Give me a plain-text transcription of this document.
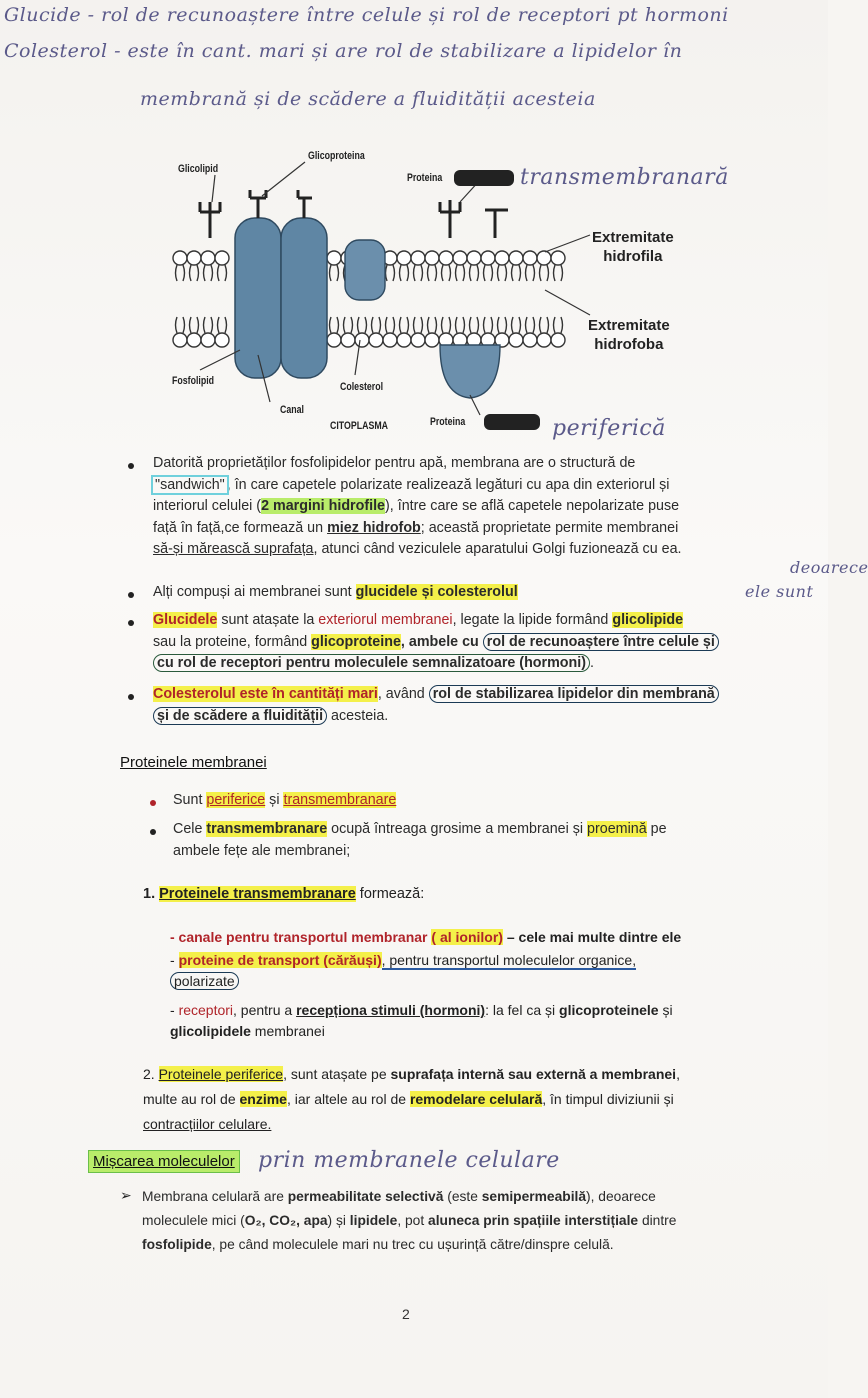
Glucide - rol de recunoaștere între celule și rol de receptori pt hormoni
Colesterol - este în cant. mari și are rol de stabilizare a lipidelor în
membrană și de scădere a fluidității acesteia
Glicolipid
Glicoproteina
Proteina	transmembranară
Extremitate
hidrofila
Extremitate
hidrofoba
Fosfolipid	Colesterol
Canal
CITOPLASMA	Proteina	periferică
Datorită proprietăților fosfolipidelor pentru apă, membrana are o structură de
"sandwich" , în care capetele polarizate realizează legături cu apa din exteriorul și
interiorul celulei (2 margini hidrofile), între care se află capetele nepolarizate puse
față în față,ce formează un miez hidrofob; această proprietate permite membranei
să-și mărească suprafața, atunci când veziculele aparatului Golgi fuzionează cu ea.
deoarece
ele sunt
Alți compuși ai membranei sunt glucidele și colesterolul
Glucidele sunt atașate la exteriorul membranei, legate la lipide formând glicolipide
sau la proteine, formând glicoproteine, ambele cu rol de recunoaștere între celule și
cu rol de receptori pentru moleculele semnalizatoare (hormoni) .
Colesterolul este în cantități mari, având rol de stabilizarea lipidelor din membrană
și de scădere a fluidității acesteia.
Proteinele membranei
Sunt periferice și transmembranare
Cele transmembranare ocupă întreaga grosime a membranei și proemină pe
ambele fețe ale membranei;
1. Proteinele transmembranare formează:
- canale pentru transportul membranar ( al ionilor) – cele mai multe dintre ele
- proteine de transport (cărăuși), pentru transportul moleculelor organice,
polarizate
- receptori, pentru a recepționa stimuli (hormoni): la fel ca și glicoproteinele și
glicolipidele membranei
2. Proteinele periferice, sunt atașate pe suprafața internă sau externă a membranei,
multe au rol de enzime, iar altele au rol de remodelare celulară, în timpul diviziunii și
contracțiilor celulare.
Mișcarea moleculelor prin membranele celulare
➢ Membrana celulară are permeabilitate selectivă (este semipermeabilă), deoarece
moleculele mici (O₂, CO₂, apa) și lipidele, pot aluneca prin spațiile interstițiale dintre
fosfolipide, pe când moleculele mari nu trec cu ușurință către/dinspre celulă.
2
